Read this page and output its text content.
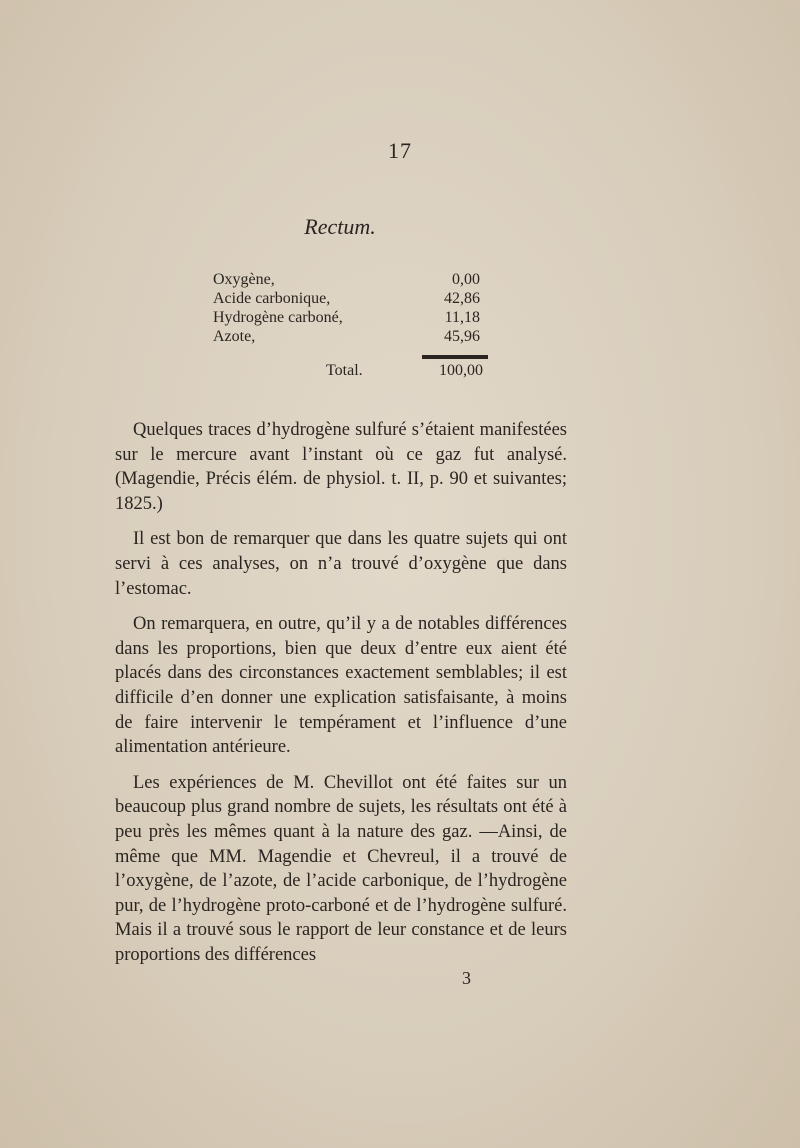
17
Rectum.
Oxygène,	0,00
Acide carbonique,	42,86
Hydrogène carboné,	11,18
Azote,	45,96
Total.	100,00

Quelques traces d’hydrogène sulfuré s’étaient manifestées sur le mercure avant l’instant où ce gaz fut analysé. (Magendie, Précis élém. de physiol. t. II, p. 90 et suivantes; 1825.)

Il est bon de remarquer que dans les quatre sujets qui ont servi à ces analyses, on n’a trouvé d’oxygène que dans l’estomac.

On remarquera, en outre, qu’il y a de notables différences dans les proportions, bien que deux d’entre eux aient été placés dans des circonstances exactement semblables; il est difficile d’en donner une explication satisfaisante, à moins de faire intervenir le tempérament et l’influence d’une alimentation antérieure.

Les expériences de M. Chevillot ont été faites sur un beaucoup plus grand nombre de sujets, les résultats ont été à peu près les mêmes quant à la nature des gaz. —Ainsi, de même que MM. Magendie et Chevreul, il a trouvé de l’oxygène, de l’azote, de l’acide carbonique, de l’hydrogène pur, de l’hydrogène proto-carboné et de l’hydrogène sulfuré. Mais il a trouvé sous le rapport de leur constance et de leurs proportions des différences

3
